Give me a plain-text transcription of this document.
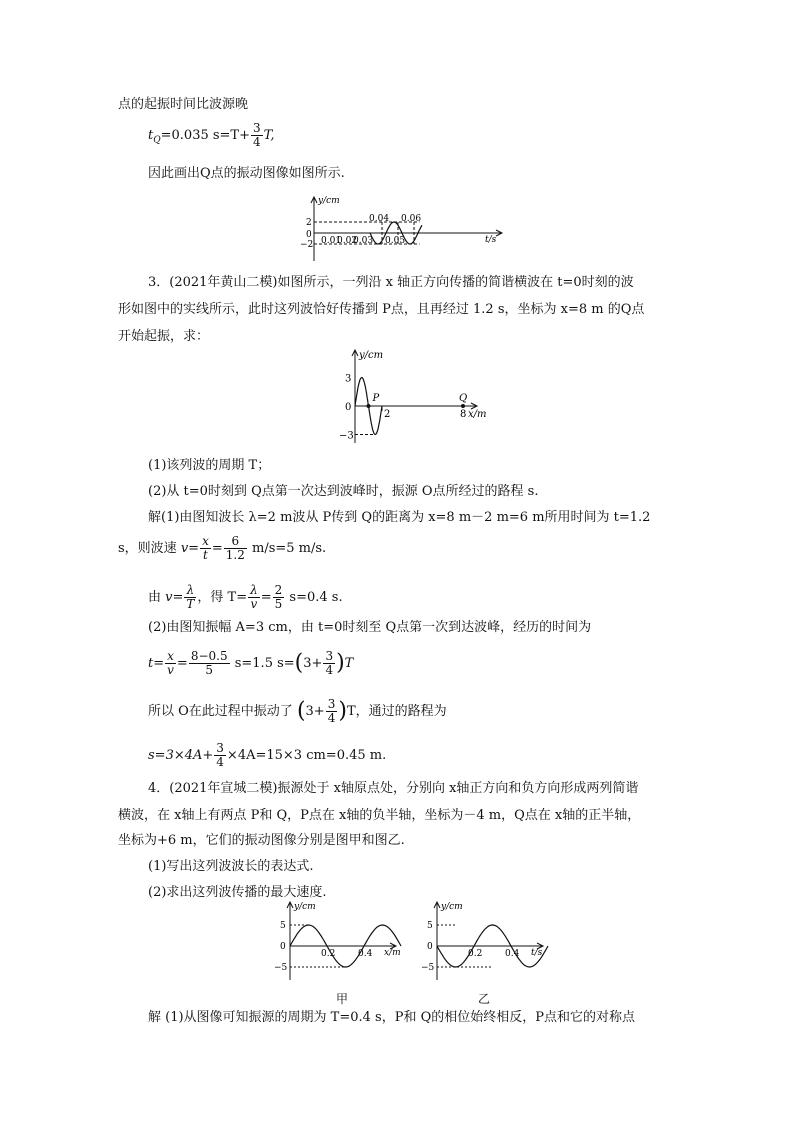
点的起振时间比波源晚
$t_Q=0.035$ $s=T+ \frac{3}{4} T$,
因此画出Q点的振动图像如图所示.
y/cm
t/s
0
2
−2 0.01
0.02
0.03
0.04
0.05
0.06
3．(2021年黄山二模)如图所示，一列沿 x 轴正方向传播的简谐横波在 t=0时刻的波
形如图中的实线所示，此时这列波恰好传播到 P点，且再经过 1.2 s，坐标为 x=8 m 的Q点
开始起振，求：
y/cm
3
0
−3
2	8 x/m
P	Q
(1)该列波的周期 T；
(2)从 t=0时刻到 Q点第一次达到波峰时，振源 O点所经过的路程 s.
解(1)由图知波长 λ=2 m波从 P传到 Q的距离为 x=8 m－2 m=6 m所用时间为 t=1.2
s，则波速 $v= \frac{x}{t} = \frac{6}{1.2} m/s=5$ m/s.
由 $v= \frac{\lambda}{T}$ ，得 $T= \frac{\lambda}{v} = \frac{2}{5} s=0.4$ s.
(2)由图知振幅 A=3 cm，由 t=0时刻至 Q点第一次到达波峰，经历的时间为
$t= \frac{x}{v} = \frac{8-0.5}{5} s=1.5$ $s=(3+ \frac{3}{4} )T$
所以 O在此过程中振动了 $(3+ \frac{3}{4} )T$，通过的路程为
$s=3\times 4A+ \frac{3}{4} \times 4A=15\times 3$ cm=0.45 m.
4．(2021年宣城二模)振源处于 x轴原点处，分别向 x轴正方向和负方向形成两列简谐
横波，在 x轴上有两点 P和 Q，P点在 x轴的负半轴，坐标为－4 m，Q点在 x轴的正半轴，
坐标为+6 m，它们的振动图像分别是图甲和图乙.
(1)写出这列波波长的表达式.
(2)求出这列波传播的最大速度.
y/cm
x/m
5
0
−5
0.2	0.4
y/cm
t/s
5
0
−5
0.2	0.4
甲	乙
解 (1)从图像可知振源的周期为 T=0.4 s，P和 Q的相位始终相反，P点和它的对称点
